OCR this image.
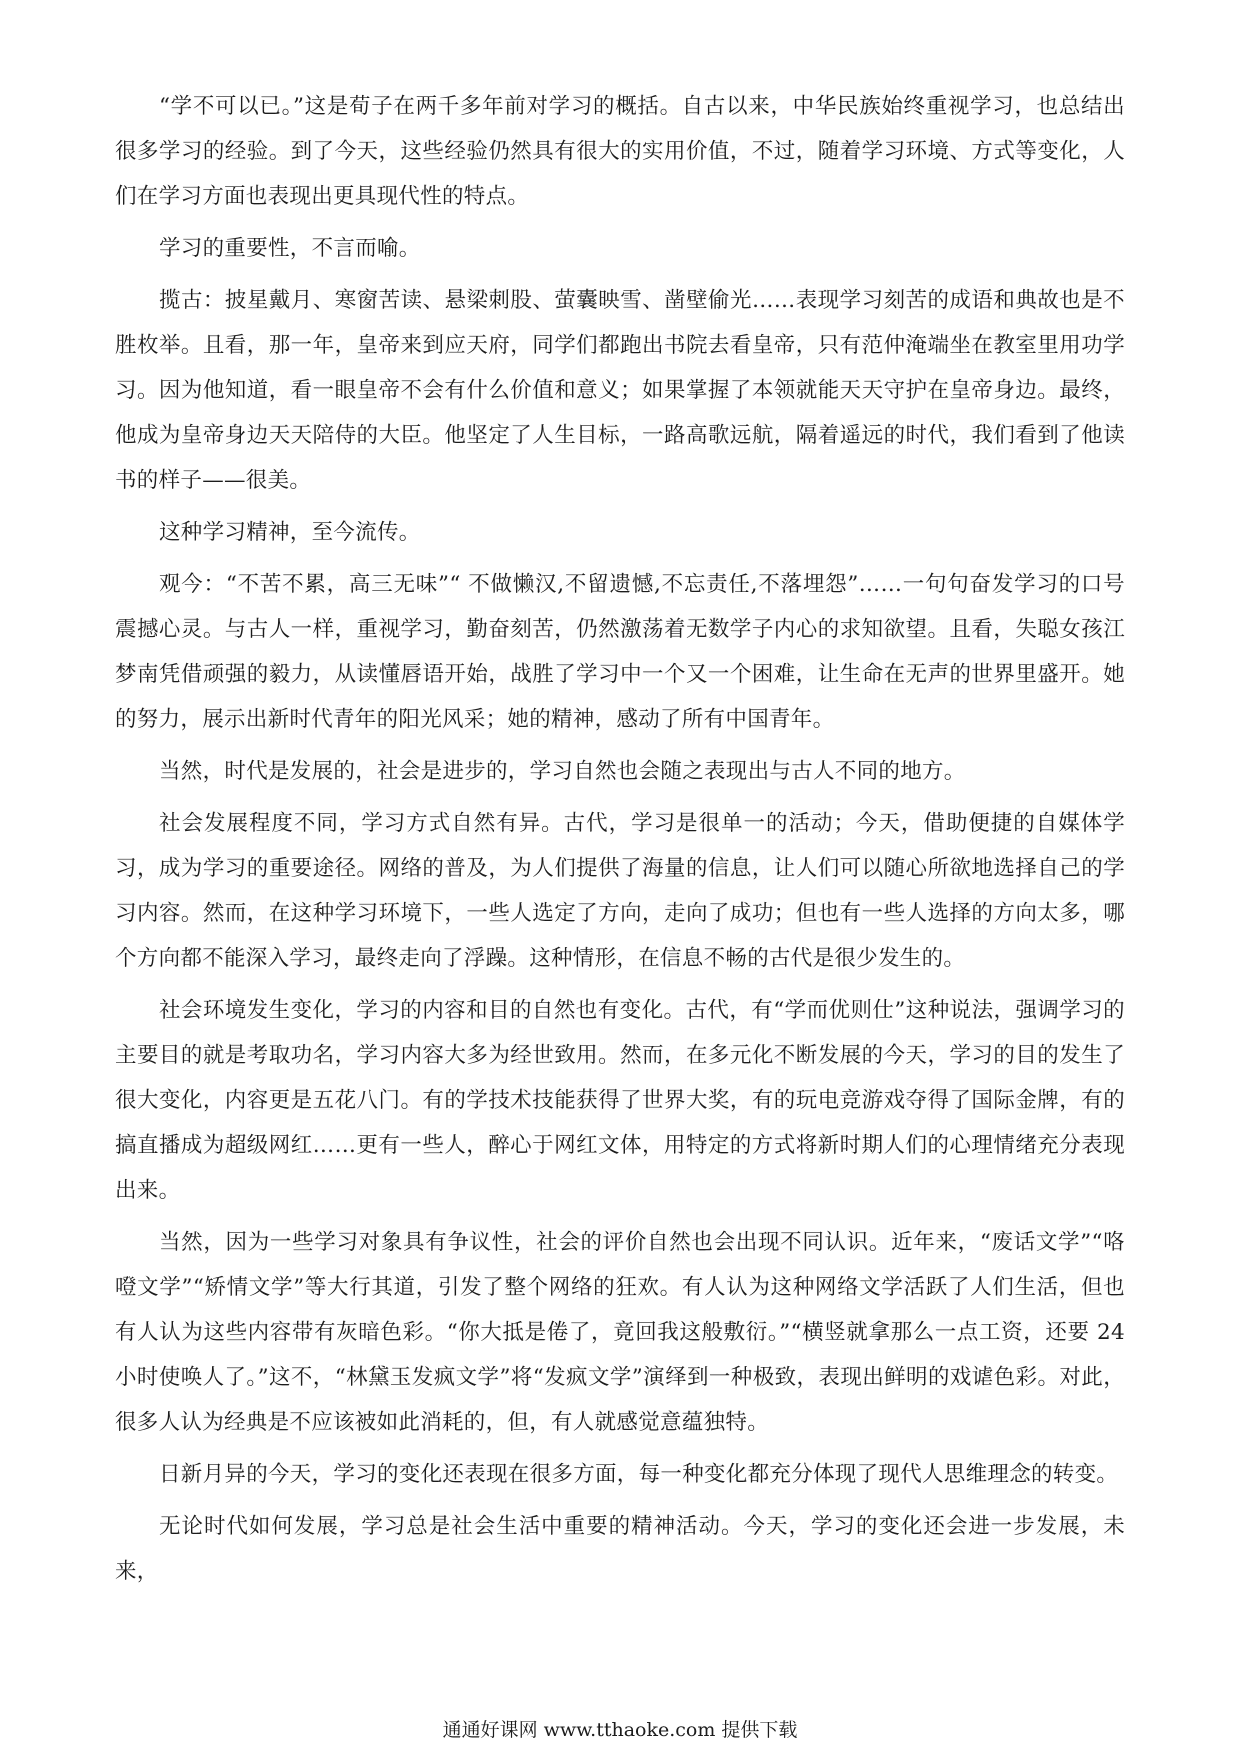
“学不可以已。”这是荀子在两千多年前对学习的概括。自古以来，中华民族始终重视学习，也总结出很多学习的经验。到了今天，这些经验仍然具有很大的实用价值，不过，随着学习环境、方式等变化，人们在学习方面也表现出更具现代性的特点。

学习的重要性，不言而喻。

揽古：披星戴月、寒窗苦读、悬梁刺股、萤囊映雪、凿壁偷光……表现学习刻苦的成语和典故也是不胜枚举。且看，那一年，皇帝来到应天府，同学们都跑出书院去看皇帝，只有范仲淹端坐在教室里用功学习。因为他知道，看一眼皇帝不会有什么价值和意义；如果掌握了本领就能天天守护在皇帝身边。最终，他成为皇帝身边天天陪侍的大臣。他坚定了人生目标，一路高歌远航，隔着遥远的时代，我们看到了他读书的样子——很美。

这种学习精神，至今流传。

观今：“不苦不累，高三无味”“ 不做懒汉,不留遗憾,不忘责任,不落埋怨”……一句句奋发学习的口号震撼心灵。与古人一样，重视学习，勤奋刻苦，仍然激荡着无数学子内心的求知欲望。且看，失聪女孩江梦南凭借顽强的毅力，从读懂唇语开始，战胜了学习中一个又一个困难，让生命在无声的世界里盛开。她的努力，展示出新时代青年的阳光风采；她的精神，感动了所有中国青年。

当然，时代是发展的，社会是进步的，学习自然也会随之表现出与古人不同的地方。

社会发展程度不同，学习方式自然有异。古代，学习是很单一的活动；今天，借助便捷的自媒体学习，成为学习的重要途径。网络的普及，为人们提供了海量的信息，让人们可以随心所欲地选择自己的学习内容。然而，在这种学习环境下，一些人选定了方向，走向了成功；但也有一些人选择的方向太多，哪个方向都不能深入学习，最终走向了浮躁。这种情形，在信息不畅的古代是很少发生的。

社会环境发生变化，学习的内容和目的自然也有变化。古代，有“学而优则仕”这种说法，强调学习的主要目的就是考取功名，学习内容大多为经世致用。然而，在多元化不断发展的今天，学习的目的发生了很大变化，内容更是五花八门。有的学技术技能获得了世界大奖，有的玩电竞游戏夺得了国际金牌，有的搞直播成为超级网红……更有一些人，醉心于网红文体，用特定的方式将新时期人们的心理情绪充分表现出来。

当然，因为一些学习对象具有争议性，社会的评价自然也会出现不同认识。近年来，“废话文学”“咯噔文学”“矫情文学”等大行其道，引发了整个网络的狂欢。有人认为这种网络文学活跃了人们生活，但也有人认为这些内容带有灰暗色彩。“你大抵是倦了，竟回我这般敷衍。”“横竖就拿那么一点工资，还要 24 小时使唤人了。”这不，“林黛玉发疯文学”将“发疯文学”演绎到一种极致，表现出鲜明的戏谑色彩。对此，很多人认为经典是不应该被如此消耗的，但，有人就感觉意蕴独特。

日新月异的今天，学习的变化还表现在很多方面，每一种变化都充分体现了现代人思维理念的转变。

无论时代如何发展，学习总是社会生活中重要的精神活动。今天，学习的变化还会进一步发展，未来，

通通好课网 www.tthaoke.com 提供下载
